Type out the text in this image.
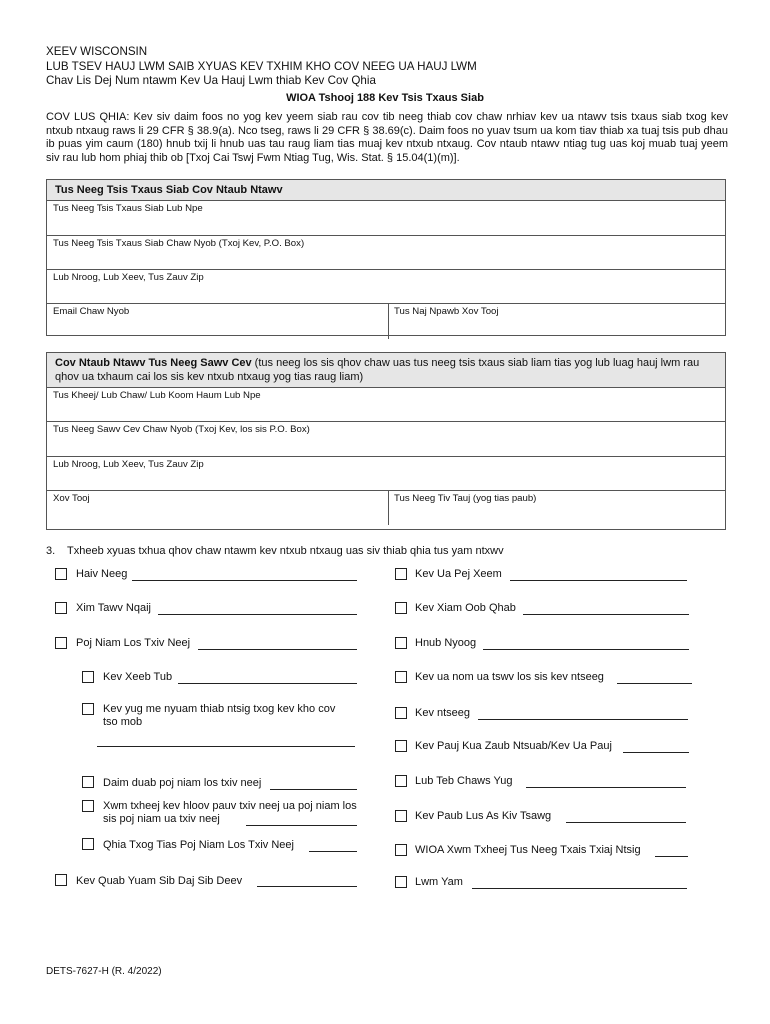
XEEV WISCONSIN
LUB TSEV HAUJ LWM SAIB XYUAS KEV TXHIM KHO COV NEEG UA HAUJ LWM
Chav Lis Dej Num ntawm Kev Ua Hauj Lwm thiab Kev Cov Qhia
WIOA Tshooj 188 Kev Tsis Txaus Siab
COV LUS QHIA: Kev siv daim foos no yog kev yeem siab rau cov tib neeg thiab cov chaw nrhiav kev ua ntawv tsis txaus siab txog kev ntxub ntxaug raws li 29 CFR § 38.9(a). Nco tseg, raws li 29 CFR § 38.69(c). Daim foos no yuav tsum ua kom tiav thiab xa tuaj tsis pub dhau ib puas yim caum (180) hnub txij li hnub uas tau raug liam tias muaj kev ntxub ntxaug. Cov ntaub ntawv ntiag tug uas koj muab tuaj yeem siv rau lub hom phiaj thib ob [Txoj Cai Tswj Fwm Ntiag Tug, Wis. Stat. § 15.04(1)(m)].
Tus Neeg Tsis Txaus Siab Cov Ntaub Ntawv
Tus Neeg Tsis Txaus Siab Lub Npe
Tus Neeg Tsis Txaus Siab Chaw Nyob (Txoj Kev, P.O. Box)
Lub Nroog, Lub Xeev, Tus Zauv Zip
Email Chaw Nyob	Tus Naj Npawb Xov Tooj
Cov Ntaub Ntawv Tus Neeg Sawv Cev (tus neeg los sis qhov chaw uas tus neeg tsis txaus siab liam tias yog lub luag hauj lwm rau qhov ua txhaum cai los sis kev ntxub ntxaug yog tias raug liam)
Tus Kheej/ Lub Chaw/ Lub Koom Haum Lub Npe
Tus Neeg Sawv Cev Chaw Nyob (Txoj Kev, los sis P.O. Box)
Lub Nroog, Lub Xeev, Tus Zauv Zip
Xov Tooj	Tus Neeg Tiv Tauj (yog tias paub)
3. Txheeb xyuas txhua qhov chaw ntawm kev ntxub ntxaug uas siv thiab qhia tus yam ntxwv
Haiv Neeg
Xim Tawv Nqaij
Poj Niam Los Txiv Neej
Kev Xeeb Tub
Kev yug me nyuam thiab ntsig txog kev kho cov tso mob
Daim duab poj niam los txiv neej
Xwm txheej kev hloov pauv txiv neej ua poj niam los sis poj niam ua txiv neej
Qhia Txog Tias Poj Niam Los Txiv Neej
Kev Quab Yuam Sib Daj Sib Deev
Kev Ua Pej Xeem
Kev Xiam Oob Qhab
Hnub Nyoog
Kev ua nom ua tswv los sis kev ntseeg
Kev ntseeg
Kev Pauj Kua Zaub Ntsuab/Kev Ua Pauj
Lub Teb Chaws Yug
Kev Paub Lus As Kiv Tsawg
WIOA Xwm Txheej Tus Neeg Txais Txiaj Ntsig
Lwm Yam
DETS-7627-H (R. 4/2022)
